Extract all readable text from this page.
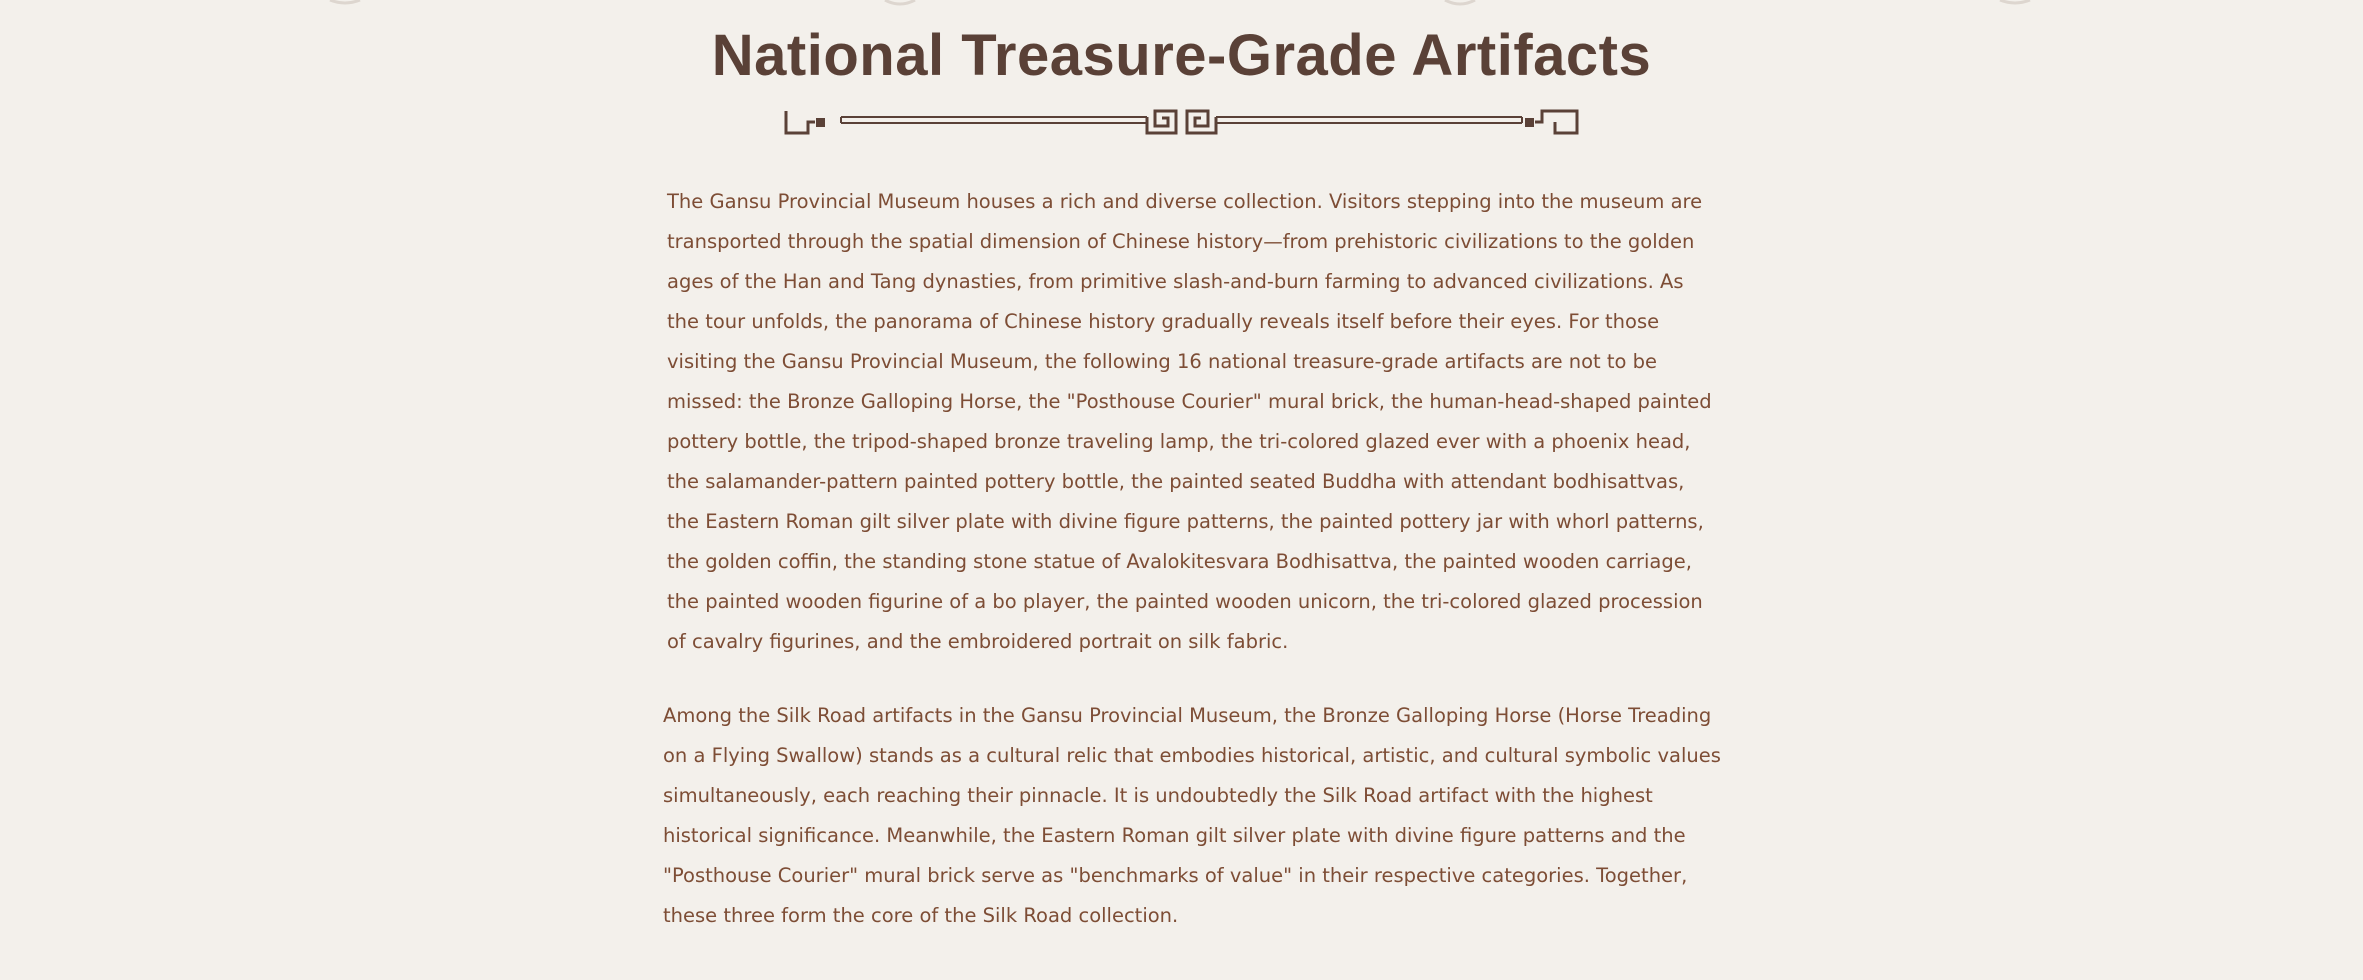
National Treasure-Grade Artifacts
The Gansu Provincial Museum houses a rich and diverse collection. Visitors stepping into the museum are
transported through the spatial dimension of Chinese history—from prehistoric civilizations to the golden
ages of the Han and Tang dynasties, from primitive slash-and-burn farming to advanced civilizations. As
the tour unfolds, the panorama of Chinese history gradually reveals itself before their eyes. For those
visiting the Gansu Provincial Museum, the following 16 national treasure-grade artifacts are not to be
missed: the Bronze Galloping Horse, the "Posthouse Courier" mural brick, the human-head-shaped painted
pottery bottle, the tripod-shaped bronze traveling lamp, the tri-colored glazed ever with a phoenix head,
the salamander-pattern painted pottery bottle, the painted seated Buddha with attendant bodhisattvas,
the Eastern Roman gilt silver plate with divine figure patterns, the painted pottery jar with whorl patterns,
the golden coffin, the standing stone statue of Avalokitesvara Bodhisattva, the painted wooden carriage,
the painted wooden figurine of a bo player, the painted wooden unicorn, the tri-colored glazed procession
of cavalry figurines, and the embroidered portrait on silk fabric.
Among the Silk Road artifacts in the Gansu Provincial Museum, the Bronze Galloping Horse (Horse Treading
on a Flying Swallow) stands as a cultural relic that embodies historical, artistic, and cultural symbolic values
simultaneously, each reaching their pinnacle. It is undoubtedly the Silk Road artifact with the highest
historical significance. Meanwhile, the Eastern Roman gilt silver plate with divine figure patterns and the
"Posthouse Courier" mural brick serve as "benchmarks of value" in their respective categories. Together,
these three form the core of the Silk Road collection.
